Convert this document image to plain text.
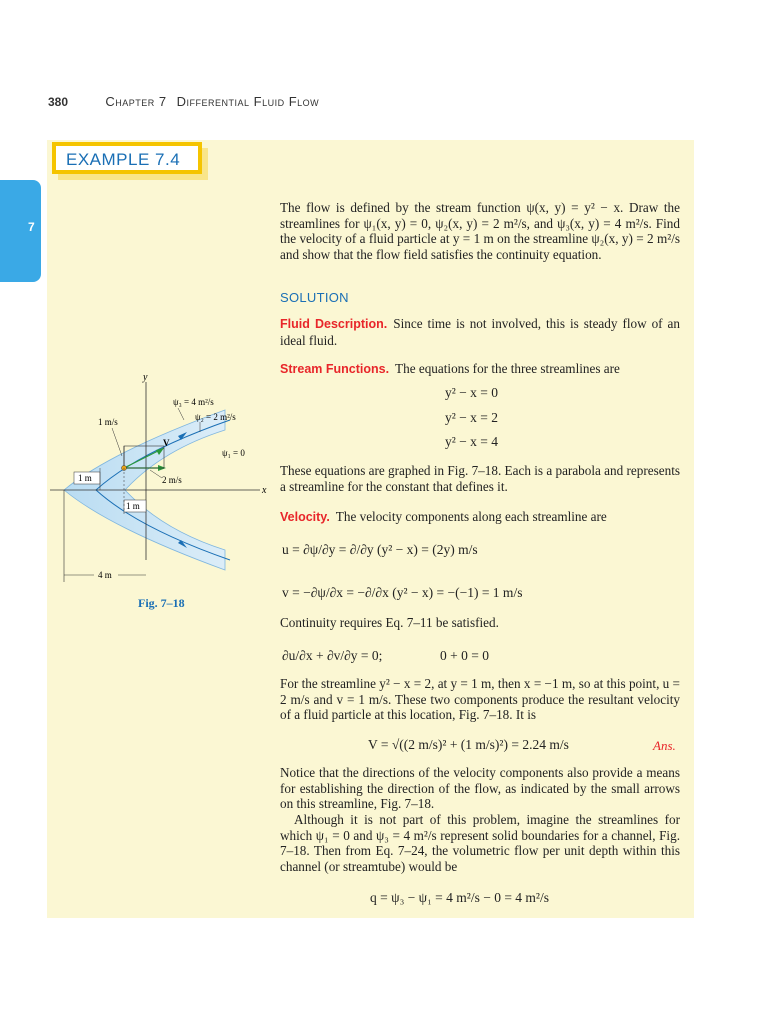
380	Chapter 7 Differential Fluid Flow
7
EXAMPLE 7.4
y
x
ψ₃ = 4 m²/s
ψ₂ = 2 m²/s
ψ₁ = 0
1 m/s
V
2 m/s
1 m
1 m
4 m
Fig. 7–18
The flow is defined by the stream function ψ(x, y) = y² − x. Draw the streamlines for ψ₁(x, y) = 0, ψ₂(x, y) = 2 m²/s, and ψ₃(x, y) = 4 m²/s. Find the velocity of a fluid particle at y = 1 m on the streamline ψ₂(x, y) = 2 m²/s and show that the flow field satisfies the continuity equation.
SOLUTION
Fluid Description. Since time is not involved, this is steady flow of an ideal fluid.
Stream Functions. The equations for the three streamlines are
y² − x = 0
y² − x = 2
y² − x = 4
These equations are graphed in Fig. 7–18. Each is a parabola and represents a streamline for the constant that defines it.
Velocity. The velocity components along each streamline are
u = ∂ψ/∂y = ∂/∂y (y² − x) = (2y) m/s
v = −∂ψ/∂x = −∂/∂x (y² − x) = −(−1) = 1 m/s
Continuity requires Eq. 7–11 be satisfied.
∂u/∂x + ∂v/∂y = 0;	0 + 0 = 0
For the streamline y² − x = 2, at y = 1 m, then x = −1 m, so at this point, u = 2 m/s and v = 1 m/s. These two components produce the resultant velocity of a fluid particle at this location, Fig. 7–18. It is
V = √((2 m/s)² + (1 m/s)²) = 2.24 m/s	Ans.
Notice that the directions of the velocity components also provide a means for establishing the direction of the flow, as indicated by the small arrows on this streamline, Fig. 7–18.
Although it is not part of this problem, imagine the streamlines for which ψ₁ = 0 and ψ₃ = 4 m²/s represent solid boundaries for a channel, Fig. 7–18. Then from Eq. 7–24, the volumetric flow per unit depth within this channel (or streamtube) would be
q = ψ₃ − ψ₁ = 4 m²/s − 0 = 4 m²/s
